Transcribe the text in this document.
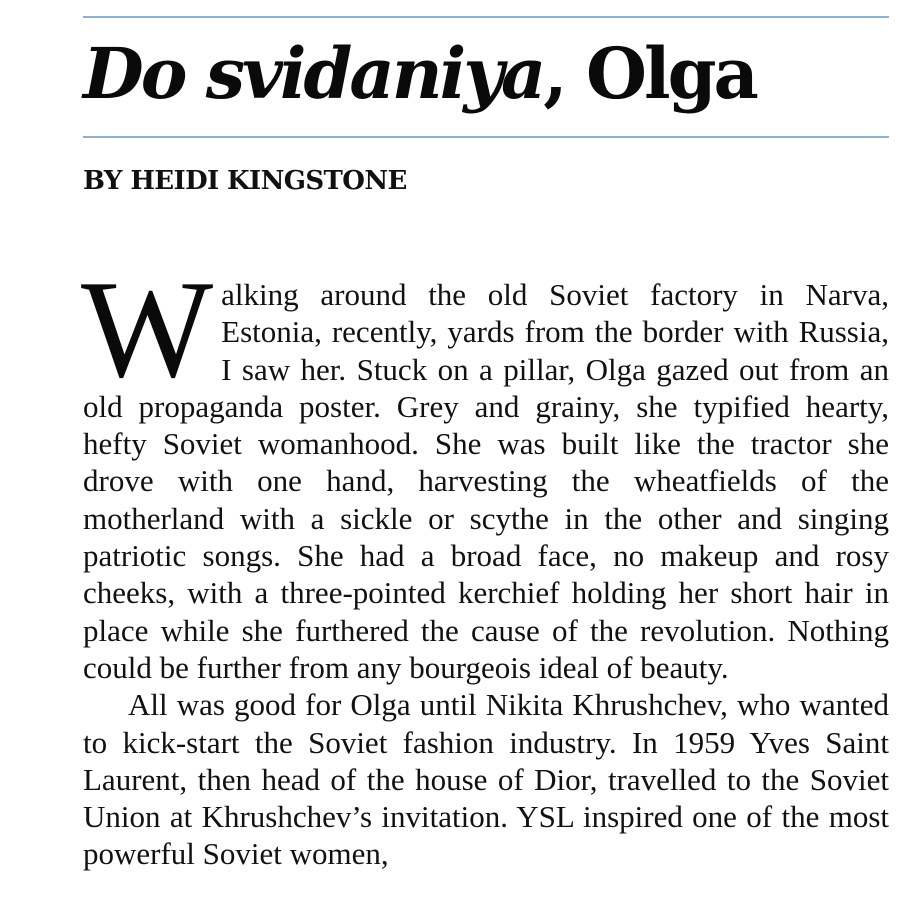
Do svidaniya, Olga
BY HEIDI KINGSTONE

Walking around the old Soviet factory in Narva, Estonia, recently, yards from the border with Russia, I saw her. Stuck on a pillar, Olga gazed out from an old propaganda poster. Grey and grainy, she typified hearty, hefty Soviet womanhood. She was built like the tractor she drove with one hand, harvesting the wheatfields of the motherland with a sickle or scythe in the other and singing patriotic songs. She had a broad face, no makeup and rosy cheeks, with a three-pointed kerchief holding her short hair in place while she furthered the cause of the revolution. Nothing could be further from any bourgeois ideal of beauty.

All was good for Olga until Nikita Khrushchev, who wanted to kick-start the Soviet fashion industry. In 1959 Yves Saint Laurent, then head of the house of Dior, travelled to the Soviet Union at Khrushchev’s invitation. YSL inspired one of the most powerful Soviet women,
